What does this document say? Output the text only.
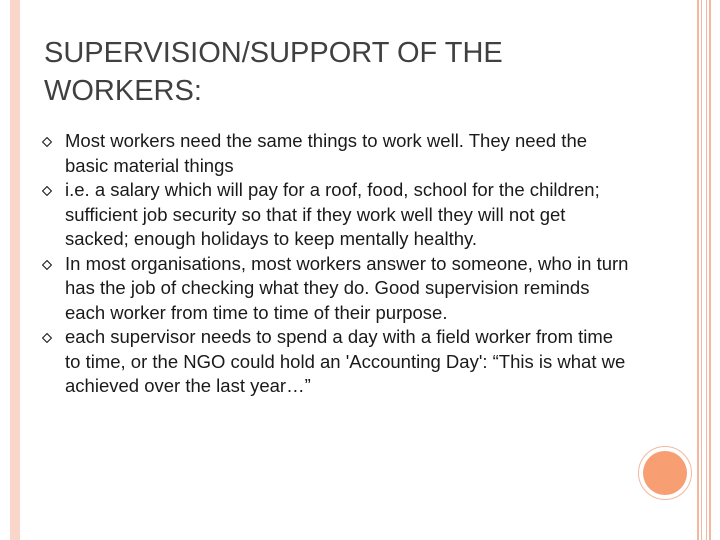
SUPERVISION/SUPPORT OF THE WORKERS:
Most workers need the same things to work well. They need the basic material things
i.e. a salary which will pay for a roof, food, school for the children; sufficient job security so that if they work well they will not get sacked; enough holidays to keep mentally healthy.
In most organisations, most workers answer to someone, who in turn has the job of checking what they do. Good supervision reminds each worker from time to time of their purpose.
each supervisor needs to spend a day with a field worker from time to time, or the NGO could hold an 'Accounting Day': “This is what we achieved over the last year…”
